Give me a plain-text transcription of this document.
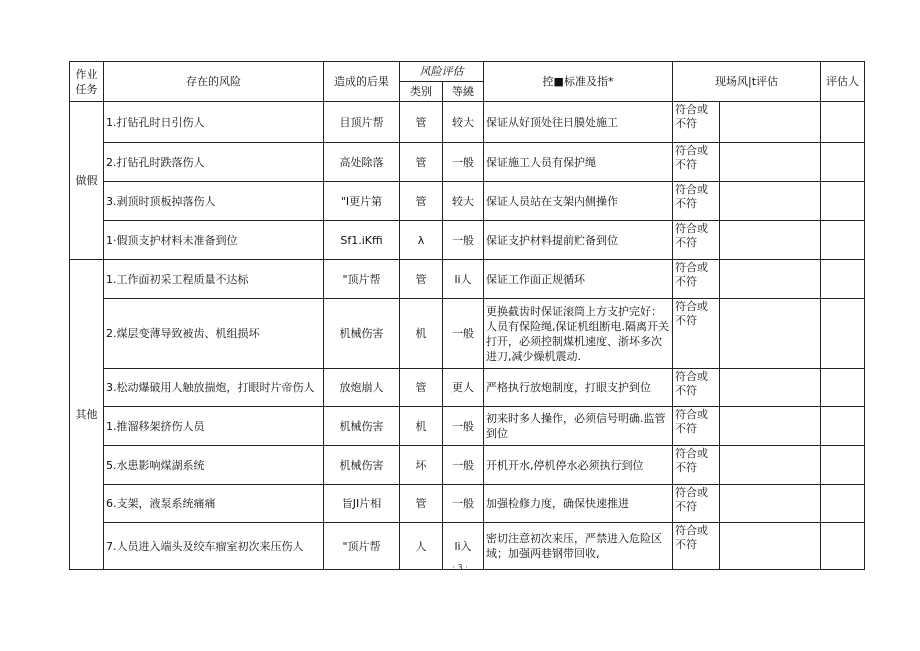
作业任务	存在的风险	造成的后果	风险评估		控■标准及指*	现场风|t评估		评估人
			类别	等繞				
做假	1.打钻孔时日引伤人	目顶片帮	管	较大	保证从好顶处往日膜处施工	符合或不符		
	2.打钻孔时跌落伤人	高处除落	管	一般	保证施工人员有保护绳	符合或不符		
	3.剥顶时顶板掉落伤人	"I更片第	管	较大	保证人员站在支架内侧操作	符合或不符		
	1·假顶支护材料未准备到位	Sf1.iKffi	λ	一般	保证支护材料提前贮备到位	符合或不符		
其他	1.工作面初采工程质量不达标	"顶片帮	管	li人	保证工作面正规循环	符合或不符		
	2.煤层变薄导致被齿、机组损坏	机械伤害	机	一般	更换截齿时保证滚筒上方支护完好：人员有保险绳,保证机组断电.隔离开关打开，必须控制煤机速度、浙坏多次进刀,减少燥机震动.	符合或不符		
	3.松动爆破用人触放揣炮，打眼时片帝伤人	放炮崩人	管	更人	严格执行放炮制度，打眼支护到位	符合或不符		
	1.推溜移架挤伤人员	机械伤害	机	一般	初来时多人操作，必须信号明确.监管到位	符合或不符		
	5.水患影响煤湖系统	机械伤害	坏	一般	开机开水,停机停水必须执行到位	符合或不符		
	6.支架，液泵系统痛痛	旨JI片相	管	一般	加强检修力度，确保快速推进	符合或不符		
	7.人员进入端头及绞车瘤室初次来压伤人	"顶片帮	人	li入	密切注意初次来压，严禁进入危险区域；加强两巷钢带回收,	符合或不符		
· 3 ·
